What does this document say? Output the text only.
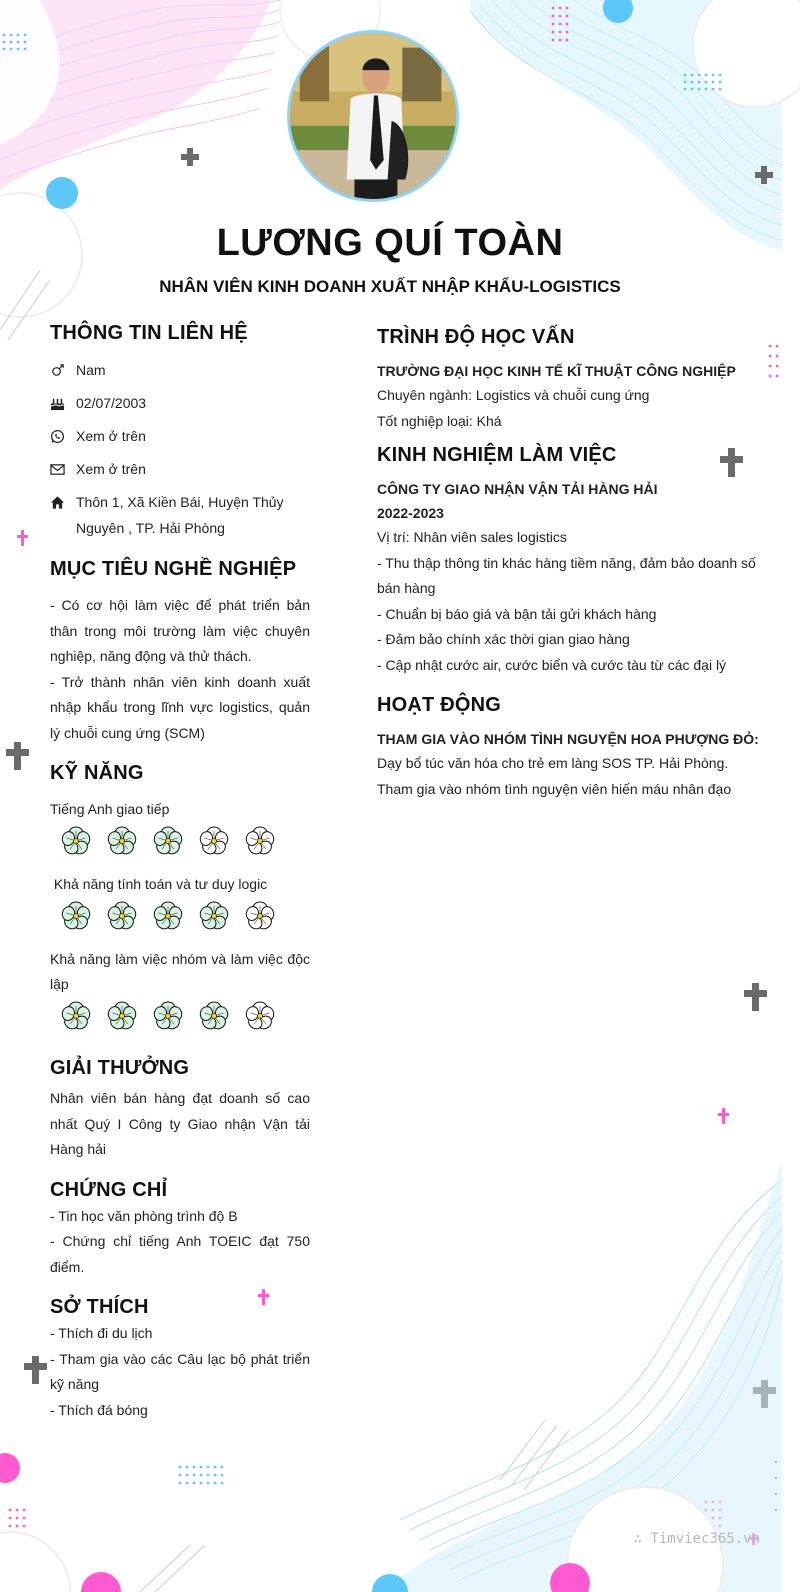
LƯƠNG QUÍ TOÀN
NHÂN VIÊN KINH DOANH XUẤT NHẬP KHẨU-LOGISTICS
THÔNG TIN LIÊN HỆ
Nam
02/07/2003
Xem ở trên
Xem ở trên
Thôn 1, Xã Kiền Bái, Huyện Thủy Nguyên , TP. Hải Phòng
MỤC TIÊU NGHỀ NGHIỆP
- Có cơ hội làm việc để phát triển bản thân trong môi trường làm việc chuyên nghiệp, năng động và thử thách.
- Trở thành nhân viên kinh doanh xuất nhập khẩu trong lĩnh vực logistics, quản lý chuỗi cung ứng (SCM)
KỸ NĂNG
Tiếng Anh giao tiếp
Khả năng tính toán và tư duy logic
Khả năng làm việc nhóm và làm việc độc lập
GIẢI THƯỞNG
Nhân viên bán hàng đạt doanh số cao nhất Quý I Công ty Giao nhận Vận tải Hàng hải
CHỨNG CHỈ
- Tin học văn phòng trình độ B
- Chứng chỉ tiếng Anh TOEIC đạt 750 điểm.
SỞ THÍCH
- Thích đi du lịch
- Tham gia vào các Câu lạc bộ phát triển kỹ năng
- Thích đá bóng
TRÌNH ĐỘ HỌC VẤN
TRƯỜNG ĐẠI HỌC KINH TẾ KĨ THUẬT CÔNG NGHIỆP
Chuyên ngành: Logistics và chuỗi cung ứng
Tốt nghiệp loại: Khá
KINH NGHIỆM LÀM VIỆC
CÔNG TY GIAO NHẬN VẬN TẢI HÀNG HẢI
2022-2023
Vị trí: Nhân viên sales logistics
- Thu thập thông tin khác hàng tiềm năng, đảm bảo doanh số bán hàng
- Chuẩn bị báo giá và bận tải gửi khách hàng
- Đảm bảo chính xác thời gian giao hàng
- Cập nhật cước air, cước biển và cước tàu từ các đại lý
HOẠT ĐỘNG
THAM GIA VÀO NHÓM TÌNH NGUYỆN HOA PHƯỢNG ĐỎ:
Dạy bổ túc văn hóa cho trẻ em làng SOS TP. Hải Phòng.
Tham gia vào nhóm tình nguyện viên hiến máu nhân đạo
∴ Timviec365.vn
